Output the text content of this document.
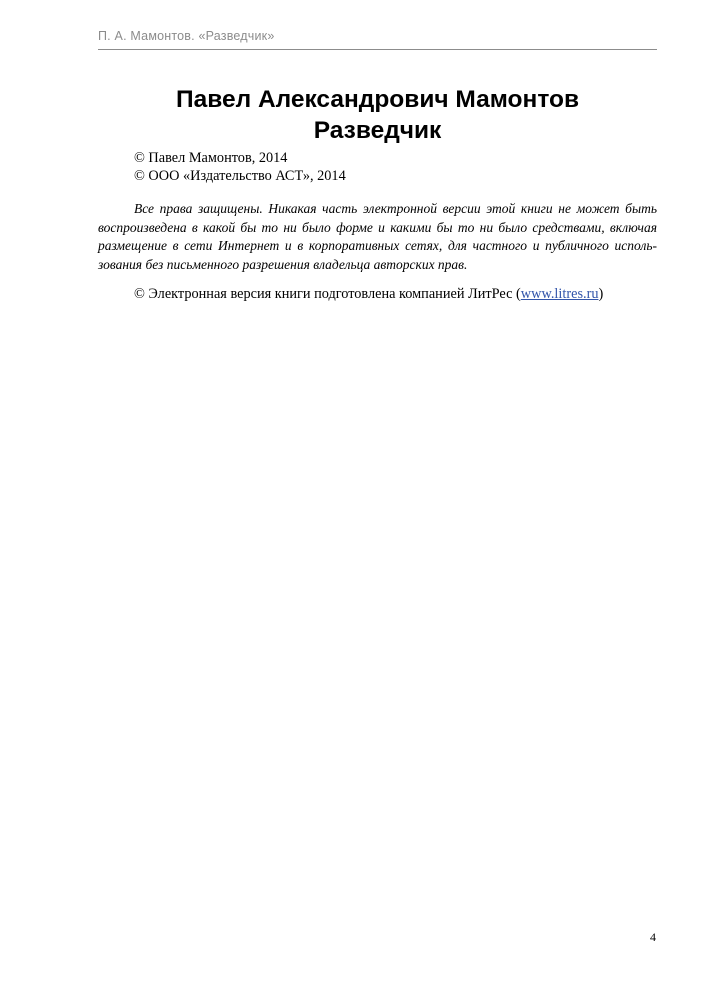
П. А. Мамонтов. «Разведчик»
Павел Александрович Мамонтов
Разведчик
© Павел Мамонтов, 2014
© ООО «Издательство АСТ», 2014
Все права защищены. Никакая часть электронной версии этой книги не может быть
воспроизведена в какой бы то ни было форме и какими бы то ни было средствами, включая
размещение в сети Интернет и в корпоративных сетях, для частного и публичного исполь-
зования без письменного разрешения владельца авторских прав.
© Электронная версия книги подготовлена компанией ЛитРес (www.litres.ru)
4
